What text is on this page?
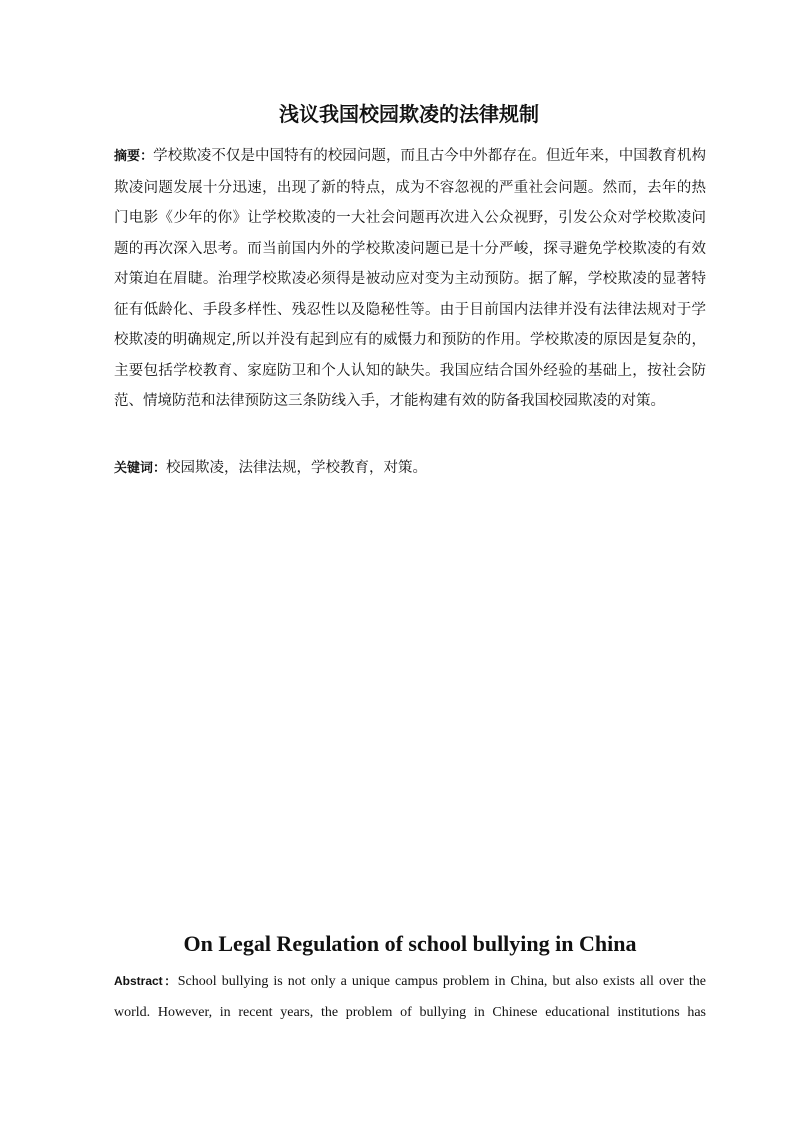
浅议我国校园欺凌的法律规制
摘要：学校欺凌不仅是中国特有的校园问题，而且古今中外都存在。但近年来，中国教育机构欺凌问题发展十分迅速，出现了新的特点，成为不容忽视的严重社会问题。然而，去年的热门电影《少年的你》让学校欺凌的一大社会问题再次进入公众视野，引发公众对学校欺凌问题的再次深入思考。而当前国内外的学校欺凌问题已是十分严峻，探寻避免学校欺凌的有效对策迫在眉睫。治理学校欺凌必须得是被动应对变为主动预防。据了解，学校欺凌的显著特征有低龄化、手段多样性、残忍性以及隐秘性等。由于目前国内法律并没有法律法规对于学校欺凌的明确规定,所以并没有起到应有的威慑力和预防的作用。学校欺凌的原因是复杂的，主要包括学校教育、家庭防卫和个人认知的缺失。我国应结合国外经验的基础上，按社会防范、情境防范和法律预防这三条防线入手，才能构建有效的防备我国校园欺凌的对策。
关键词：校园欺凌，法律法规，学校教育，对策。
On Legal Regulation of school bullying in China
Abstract：School bullying is not only a unique campus problem in China, but also exists all over the world. However, in recent years, the problem of bullying in Chinese educational institutions has
